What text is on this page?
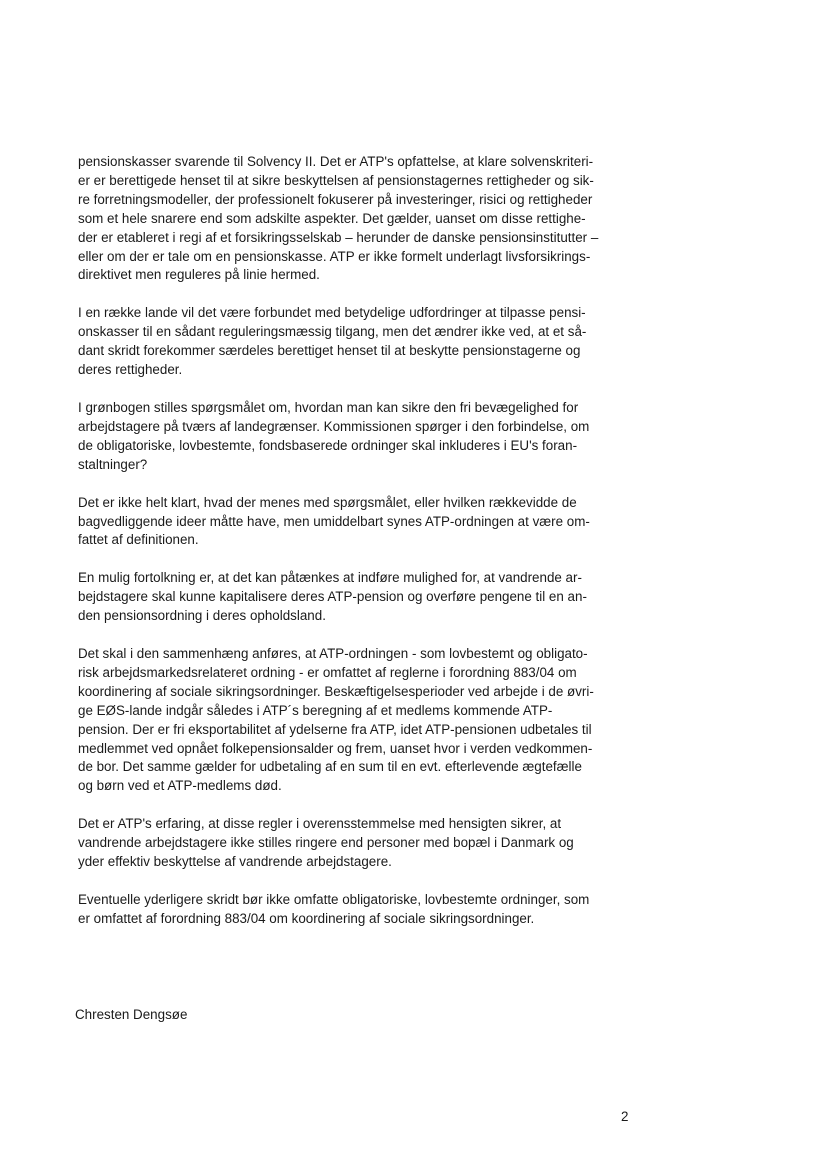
pensionskasser svarende til Solvency II. Det er ATP's opfattelse, at klare solvenskriteri-
er er berettigede henset til at sikre beskyttelsen af pensionstagernes rettigheder og sik-
re forretningsmodeller, der professionelt fokuserer på investeringer, risici og rettigheder
som et hele snarere end som adskilte aspekter. Det gælder, uanset om disse rettighe-
der er etableret i regi af et forsikringsselskab – herunder de danske pensionsinstitutter –
eller om der er tale om en pensionskasse. ATP er ikke formelt underlagt livsforsikrings-
direktivet men reguleres på linie hermed.

I en række lande vil det være forbundet med betydelige udfordringer at tilpasse pensi-
onskasser til en sådant reguleringsmæssig tilgang, men det ændrer ikke ved, at et så-
dant skridt forekommer særdeles berettiget henset til at beskytte pensionstagerne og
deres rettigheder.

I grønbogen stilles spørgsmålet om, hvordan man kan sikre den fri bevægelighed for
arbejdstagere på tværs af landegrænser. Kommissionen spørger i den forbindelse, om
de obligatoriske, lovbestemte, fondsbaserede ordninger skal inkluderes i EU's foran-
staltninger?

Det er ikke helt klart, hvad der menes med spørgsmålet, eller hvilken rækkevidde de
bagvedliggende ideer måtte have, men umiddelbart synes ATP-ordningen at være om-
fattet af definitionen.

En mulig fortolkning er, at det kan påtænkes at indføre mulighed for, at vandrende ar-
bejdstagere skal kunne kapitalisere deres ATP-pension og overføre pengene til en an-
den pensionsordning i deres opholdsland.

Det skal i den sammenhæng anføres, at ATP-ordningen - som lovbestemt og obligato-
risk arbejdsmarkedsrelateret ordning - er omfattet af reglerne i forordning 883/04 om
koordinering af sociale sikringsordninger. Beskæftigelsesperioder ved arbejde i de øvri-
ge EØS-lande indgår således i ATP´s beregning af et medlems kommende ATP-
pension. Der er fri eksportabilitet af ydelserne fra ATP, idet ATP-pensionen udbetales til
medlemmet ved opnået folkepensionsalder og frem, uanset hvor i verden vedkommen-
de bor. Det samme gælder for udbetaling af en sum til en evt. efterlevende ægtefælle
og børn ved et ATP-medlems død.

Det er ATP's erfaring, at disse regler i overensstemmelse med hensigten sikrer, at
vandrende arbejdstagere ikke stilles ringere end personer med bopæl i Danmark og
yder effektiv beskyttelse af vandrende arbejdstagere.

Eventuelle yderligere skridt bør ikke omfatte obligatoriske, lovbestemte ordninger, som
er omfattet af forordning 883/04 om koordinering af sociale sikringsordninger.

Chresten Dengsøe
2
